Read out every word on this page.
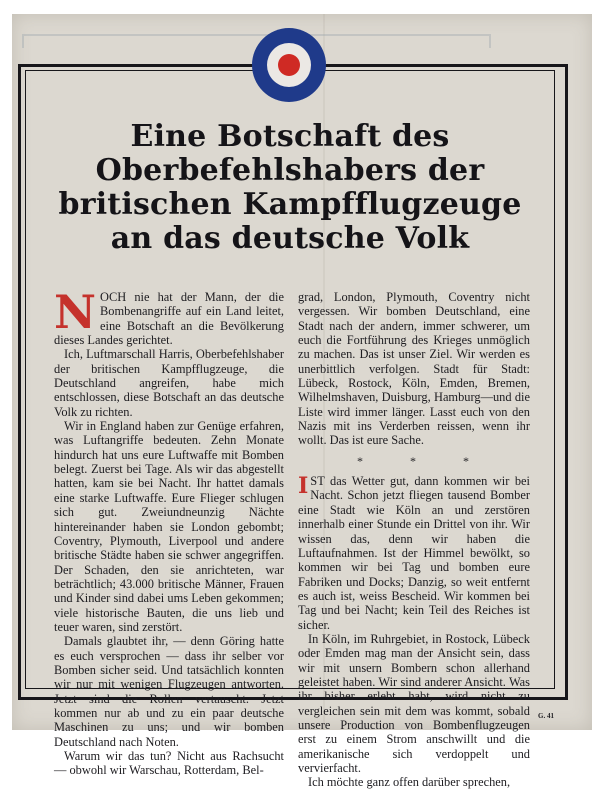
Eine Botschaft des
Oberbefehlshabers der
britischen Kampfflugzeuge
an das deutsche Volk
N OCH nie hat der Mann, der die Bombenangriffe auf ein Land leitet, eine Botschaft an die Bevölkerung dieses Landes gerichtet.

Ich, Luftmarschall Harris, Oberbefehlshaber der britischen Kampfflugzeuge, die Deutschland angreifen, habe mich entschlossen, diese Botschaft an das deutsche Volk zu richten.

Wir in England haben zur Genüge erfahren, was Luftangriffe bedeuten. Zehn Monate hindurch hat uns eure Luftwaffe mit Bomben belegt. Zuerst bei Tage. Als wir das abgestellt hatten, kam sie bei Nacht. Ihr hattet damals eine starke Luftwaffe. Eure Flieger schlugen sich gut. Zweiundneunzig Nächte hintereinander haben sie London gebombt; Coventry, Plymouth, Liverpool und andere britische Städte haben sie schwer angegriffen. Der Schaden, den sie anrichteten, war beträchtlich; 43.000 britische Männer, Frauen und Kinder sind dabei ums Leben gekommen; viele historische Bauten, die uns lieb und teuer waren, sind zerstört.

Damals glaubtet ihr, — denn Göring hatte es euch versprochen — dass ihr selber vor Bomben sicher seid. Und tatsächlich konnten wir nur mit wenigen Flugzeugen antworten. Jetzt sind die Rollen vertauscht. Jetzt kommen nur ab und zu ein paar deutsche Maschinen zu uns; und wir bomben Deutschland nach Noten.

Warum wir das tun? Nicht aus Rachsucht — obwohl wir Warschau, Rotterdam, Bel-

grad, London, Plymouth, Coventry nicht vergessen. Wir bomben Deutschland, eine Stadt nach der andern, immer schwerer, um euch die Fortführung des Krieges unmöglich zu machen. Das ist unser Ziel. Wir werden es unerbittlich verfolgen. Stadt für Stadt: Lübeck, Rostock, Köln, Emden, Bremen, Wilhelmshaven, Duisburg, Hamburg—und die Liste wird immer länger. Lasst euch von den Nazis mit ins Verderben reissen, wenn ihr wollt. Das ist eure Sache.

* * *
I ST das Wetter gut, dann kommen wir bei Nacht. Schon jetzt fliegen tausend Bomber eine Stadt wie Köln an und zerstören innerhalb einer Stunde ein Drittel von ihr. Wir wissen das, denn wir haben die Luftaufnahmen. Ist der Himmel bewölkt, so kommen wir bei Tag und bomben eure Fabriken und Docks; Danzig, so weit entfernt es auch ist, weiss Bescheid. Wir kommen bei Tag und bei Nacht; kein Teil des Reiches ist sicher.

In Köln, im Ruhrgebiet, in Rostock, Lübeck oder Emden mag man der Ansicht sein, dass wir mit unsern Bombern schon allerhand geleistet haben. Wir sind anderer Ansicht. Was ihr bisher erlebt habt, wird nicht zu vergleichen sein mit dem was kommt, sobald unsere Production von Bombenflugzeugen erst zu einem Strom anschwillt und die amerikanische sich verdoppelt und vervierfacht.

Ich möchte ganz offen darüber sprechen,

G. 41
